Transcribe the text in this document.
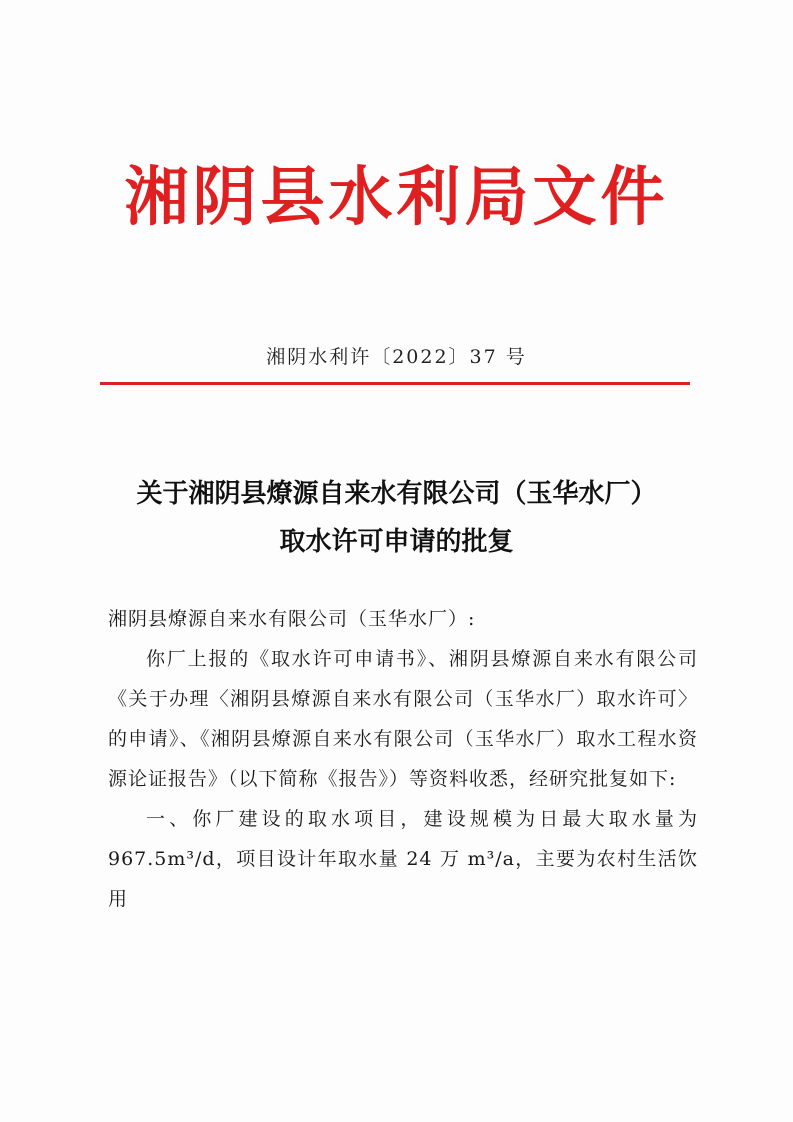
湘阴县水利局文件
湘阴水利许〔2022〕37 号
关于湘阴县燎源自来水有限公司（玉华水厂）
取水许可申请的批复

湘阴县燎源自来水有限公司（玉华水厂）:

你厂上报的《取水许可申请书》、湘阴县燎源自来水有限公司《关于办理〈湘阴县燎源自来水有限公司（玉华水厂）取水许可〉的申请》、《湘阴县燎源自来水有限公司（玉华水厂）取水工程水资源论证报告》（以下简称《报告》）等资料收悉，经研究批复如下:

一、你厂建设的取水项目，建设规模为日最大取水量为 967.5m³/d，项目设计年取水量 24 万 m³/a，主要为农村生活饮用
